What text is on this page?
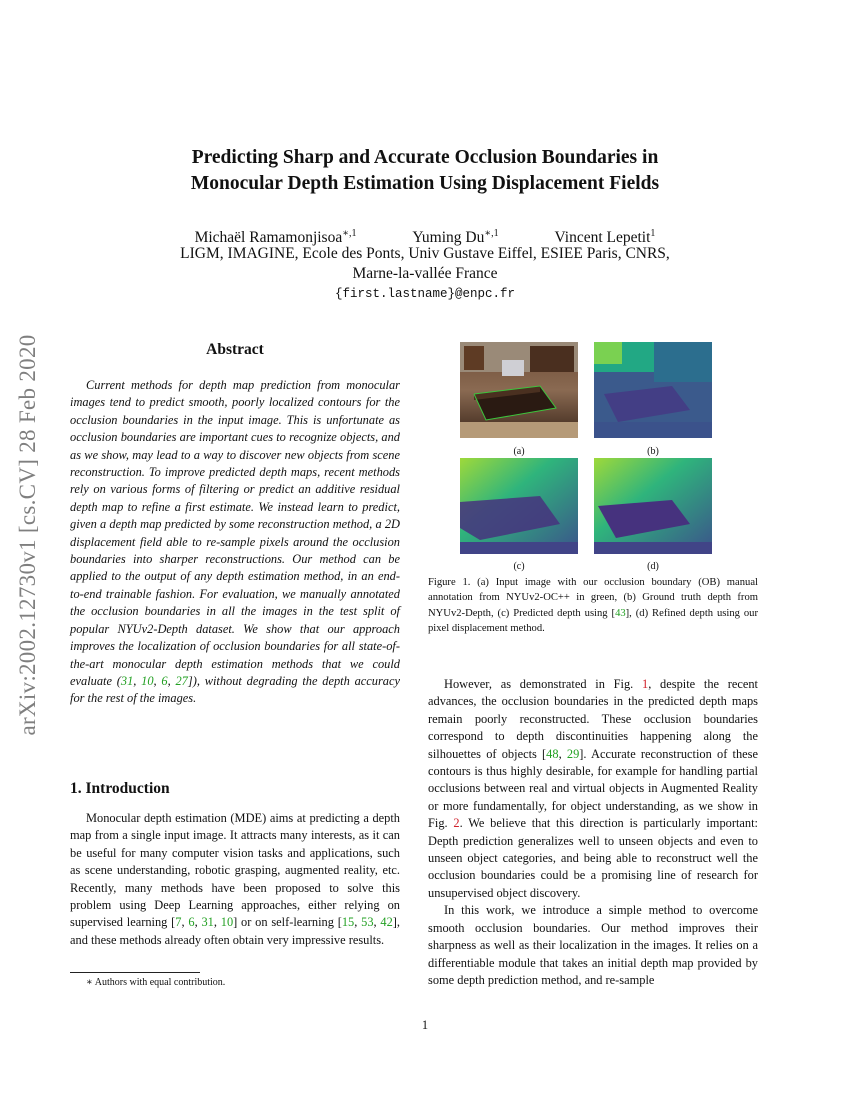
Predicting Sharp and Accurate Occlusion Boundaries in
Monocular Depth Estimation Using Displacement Fields
Michaël Ramamonjisoa$^{∗,1}$	Yuming $Du^{∗,1}$	Vincent Lepetit$^1$
LIGM, IMAGINE, Ecole des Ponts, Univ Gustave Eiffel, ESIEE Paris, CNRS,
Marne-la-vallée France
{first.lastname}@enpc.fr
arXiv:2002.12730v1 [cs.CV] 28 Feb 2020	Abstract

Current methods for depth map prediction from monocular images tend to predict smooth, poorly localized contours for the occlusion boundaries in the input image. This is unfortunate as occlusion boundaries are important cues to recognize objects, and as we show, may lead to a way to discover new objects from scene reconstruction. To improve predicted depth maps, recent methods rely on various forms of filtering or predict an additive residual depth map to refine a first estimate. We instead learn to predict, given a depth map predicted by some reconstruction method, a 2D displacement field able to re-sample pixels around the occlusion boundaries into sharper reconstructions. Our method can be applied to the output of any depth estimation method, in an end-to-end trainable fashion. For evaluation, we manually annotated the occlusion boundaries in all the images in the test split of popular NYUv2-Depth dataset. We show that our approach improves the localization of occlusion boundaries for all state-of-the-art monocular depth estimation methods that we could evaluate (31, 10, 6, 27]), without degrading the depth accuracy for the rest of the images.

1. Introduction

Monocular depth estimation (MDE) aims at predicting a depth map from a single input image. It attracts many interests, as it can be useful for many computer vision tasks and applications, such as scene understanding, robotic grasping, augmented reality, etc. Recently, many methods have been proposed to solve this problem using Deep Learning approaches, either relying on supervised learning [7, 6, 31, 10] or on self-learning [15, 53, 42], and these methods already often obtain very impressive results.

∗ Authors with equal contribution.
(a)	(b)
(c)	(d)
Figure 1. (a) Input image with our occlusion boundary (OB) manual annotation from NYUv2-OC++ in green, (b) Ground truth depth from NYUv2-Depth, (c) Predicted depth using [43], (d) Refined depth using our pixel displacement method.

However, as demonstrated in Fig. 1, despite the recent advances, the occlusion boundaries in the predicted depth maps remain poorly reconstructed. These occlusion boundaries correspond to depth discontinuities happening along the silhouettes of objects [48, 29]. Accurate reconstruction of these contours is thus highly desirable, for example for handling partial occlusions between real and virtual objects in Augmented Reality or more fundamentally, for object understanding, as we show in Fig. 2. We believe that this direction is particularly important: Depth prediction generalizes well to unseen objects and even to unseen object categories, and being able to reconstruct well the occlusion boundaries could be a promising line of research for unsupervised object discovery.

In this work, we introduce a simple method to overcome smooth occlusion boundaries. Our method improves their sharpness as well as their localization in the images. It relies on a differentiable module that takes an initial depth map provided by some depth prediction method, and re-sample

1
